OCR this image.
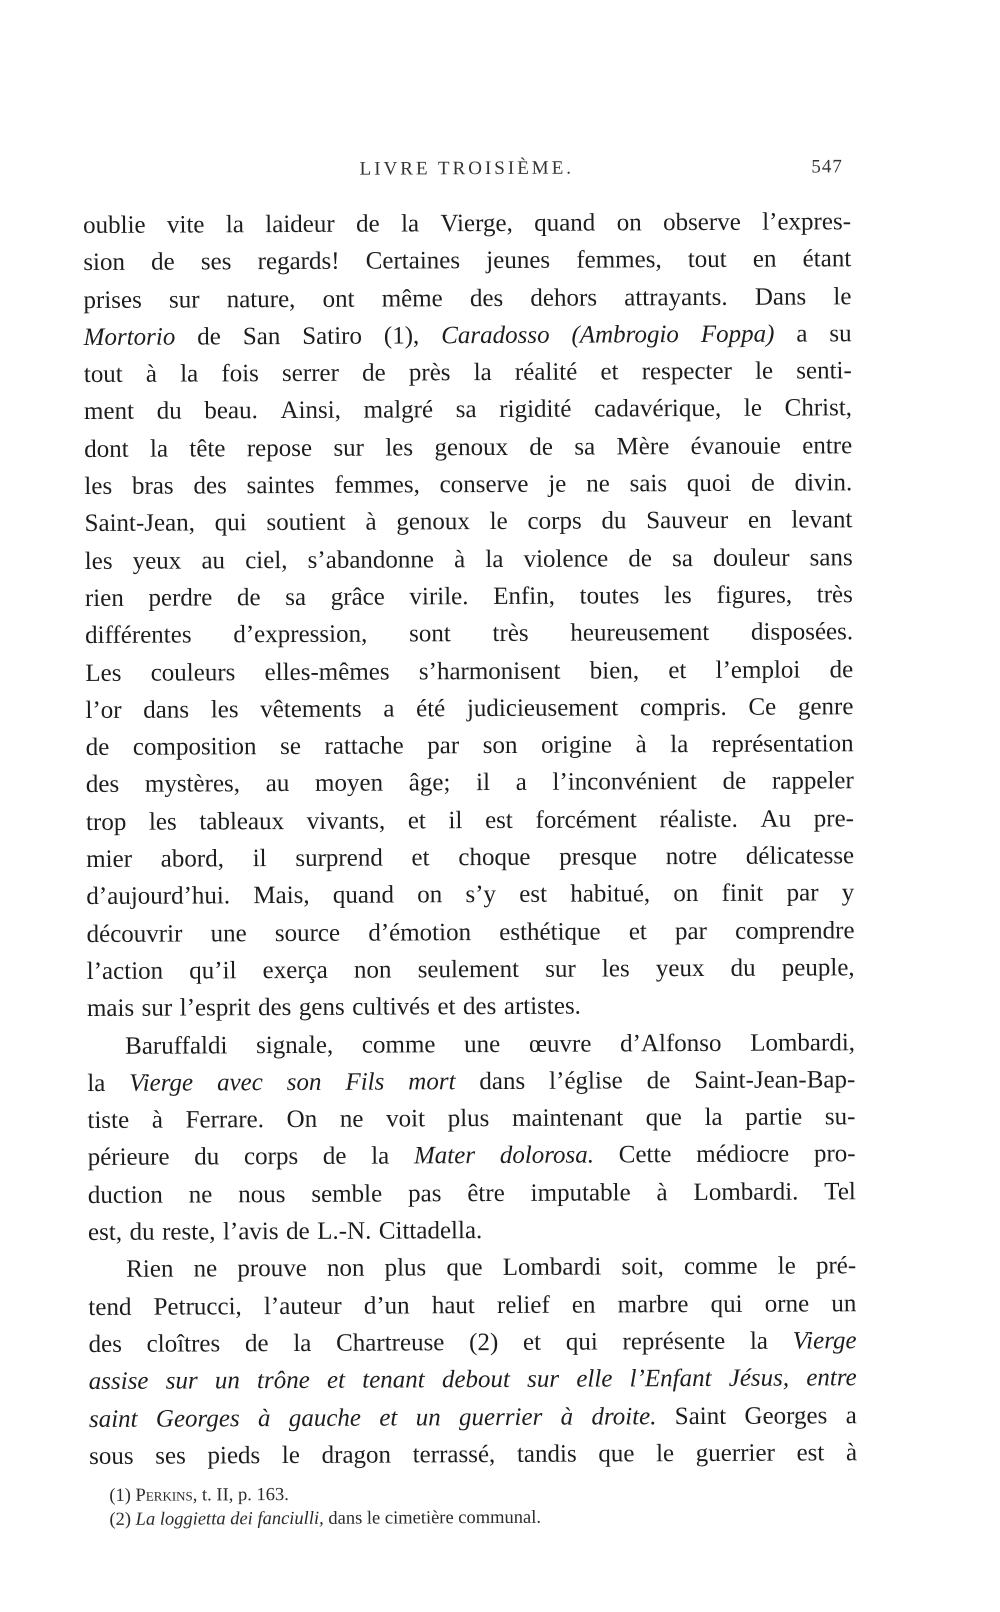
LIVRE TROISIÈME.	547
oublie vite la laideur de la Vierge, quand on observe l’expres-
sion de ses regards! Certaines jeunes femmes, tout en étant
prises sur nature, ont même des dehors attrayants. Dans le
Mortorio de San Satiro (1), Caradosso (Ambrogio Foppa) a su
tout à la fois serrer de près la réalité et respecter le senti-
ment du beau. Ainsi, malgré sa rigidité cadavérique, le Christ,
dont la tête repose sur les genoux de sa Mère évanouie entre
les bras des saintes femmes, conserve je ne sais quoi de divin.
Saint-Jean, qui soutient à genoux le corps du Sauveur en levant
les yeux au ciel, s’abandonne à la violence de sa douleur sans
rien perdre de sa grâce virile. Enfin, toutes les figures, très
différentes d’expression, sont très heureusement disposées.
Les couleurs elles-mêmes s’harmonisent bien, et l’emploi de
l’or dans les vêtements a été judicieusement compris. Ce genre
de composition se rattache par son origine à la représentation
des mystères, au moyen âge; il a l’inconvénient de rappeler
trop les tableaux vivants, et il est forcément réaliste. Au pre-
mier abord, il surprend et choque presque notre délicatesse
d’aujourd’hui. Mais, quand on s’y est habitué, on finit par y
découvrir une source d’émotion esthétique et par comprendre
l’action qu’il exerça non seulement sur les yeux du peuple,
mais sur l’esprit des gens cultivés et des artistes.
Baruffaldi signale, comme une œuvre d’Alfonso Lombardi,
la Vierge avec son Fils mort dans l’église de Saint-Jean-Bap-
tiste à Ferrare. On ne voit plus maintenant que la partie su-
périeure du corps de la Mater dolorosa. Cette médiocre pro-
duction ne nous semble pas être imputable à Lombardi. Tel
est, du reste, l’avis de L.-N. Cittadella.
Rien ne prouve non plus que Lombardi soit, comme le pré-
tend Petrucci, l’auteur d’un haut relief en marbre qui orne un
des cloîtres de la Chartreuse (2) et qui représente la Vierge
assise sur un trône et tenant debout sur elle l’Enfant Jésus, entre
saint Georges à gauche et un guerrier à droite. Saint Georges a
sous ses pieds le dragon terrassé, tandis que le guerrier est à
(1) Perkins, t. II, p. 163.
(2) La loggietta dei fanciulli, dans le cimetière communal.
